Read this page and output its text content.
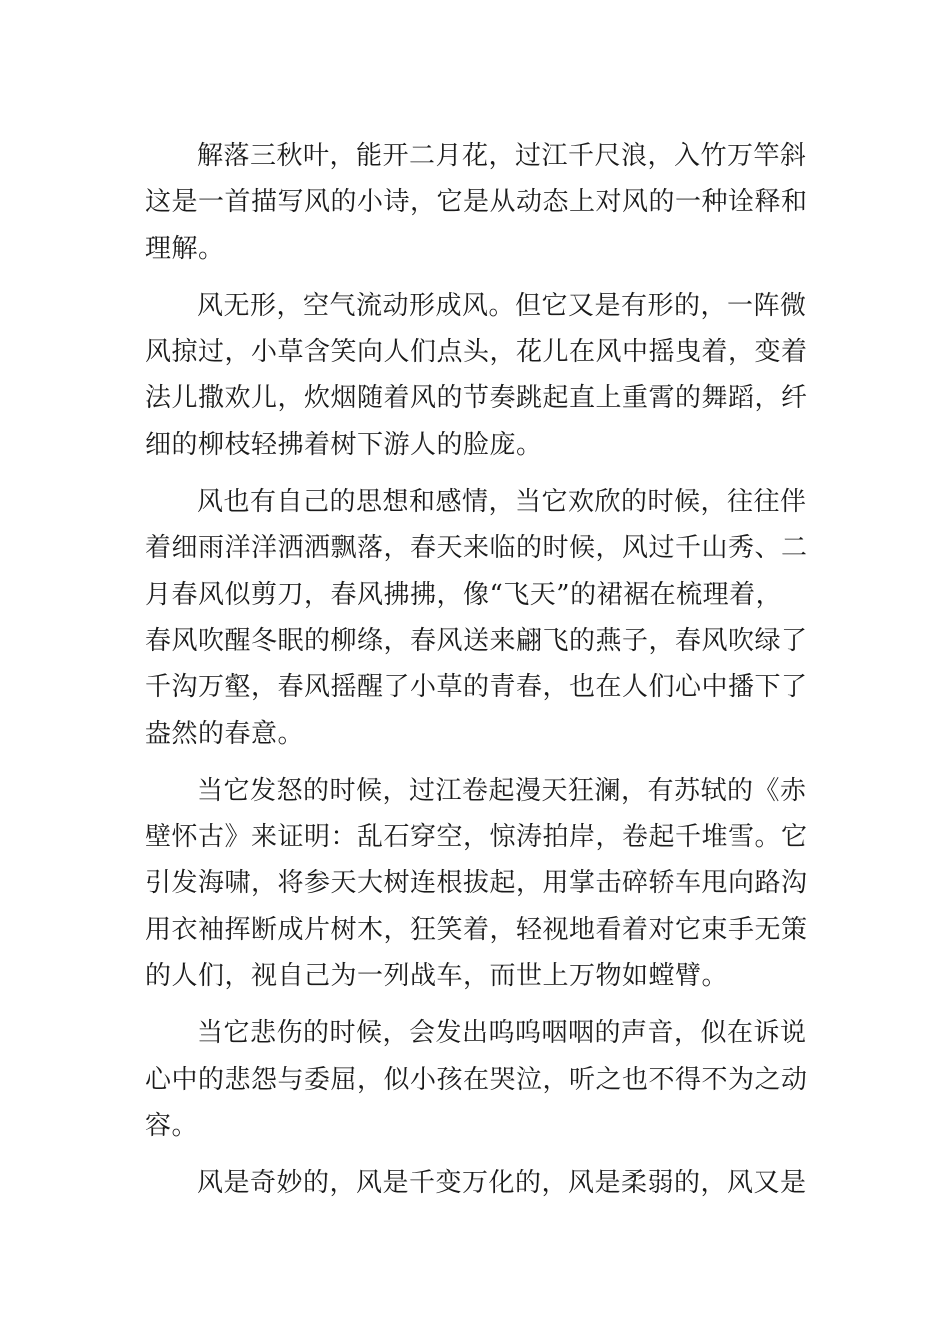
解落三秋叶，能开二月花，过江千尺浪，入竹万竿斜
这是一首描写风的小诗，它是从动态上对风的一种诠释和
理解。

风无形，空气流动形成风。但它又是有形的，一阵微
风掠过，小草含笑向人们点头，花儿在风中摇曳着，变着
法儿撒欢儿，炊烟随着风的节奏跳起直上重霄的舞蹈，纤
细的柳枝轻拂着树下游人的脸庞。

风也有自己的思想和感情，当它欢欣的时候，往往伴
着细雨洋洋洒洒飘落，春天来临的时候，风过千山秀、二
月春风似剪刀，春风拂拂，像“飞天”的裙裾在梳理着，
春风吹醒冬眠的柳绦，春风送来翩飞的燕子，春风吹绿了
千沟万壑，春风摇醒了小草的青春，也在人们心中播下了
盎然的春意。

当它发怒的时候，过江卷起漫天狂澜，有苏轼的《赤
壁怀古》来证明：乱石穿空，惊涛拍岸，卷起千堆雪。它
引发海啸，将参天大树连根拔起，用掌击碎轿车甩向路沟
用衣袖挥断成片树木，狂笑着，轻视地看着对它束手无策
的人们，视自己为一列战车，而世上万物如螳臂。

当它悲伤的时候，会发出呜呜咽咽的声音，似在诉说
心中的悲怨与委屈，似小孩在哭泣，听之也不得不为之动
容。

风是奇妙的，风是千变万化的，风是柔弱的，风又是
